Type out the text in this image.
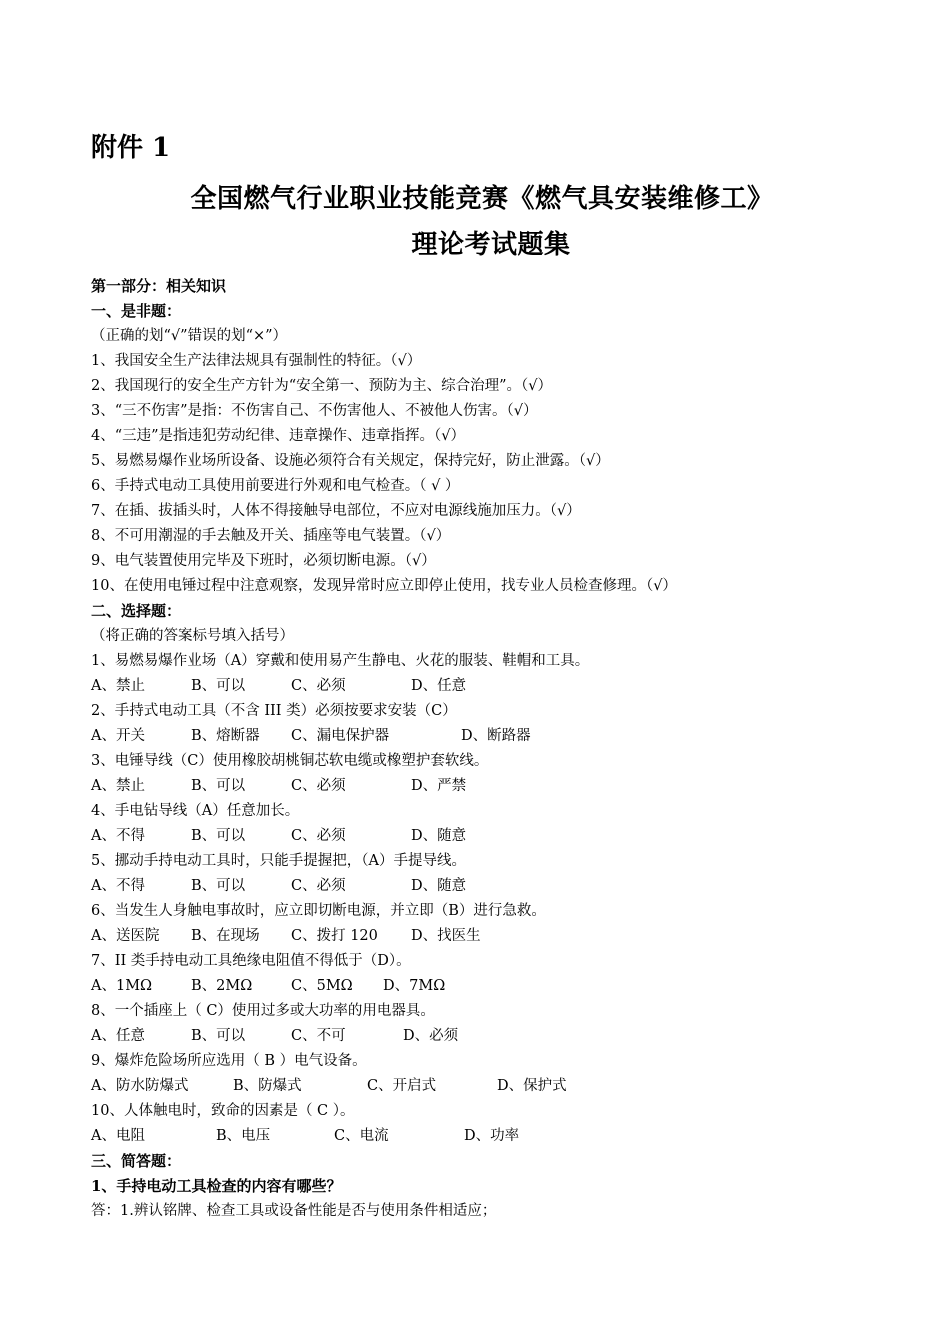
附件 1
全国燃气行业职业技能竞赛《燃气具安装维修工》
理论考试题集
第一部分：相关知识
一、是非题：
（正确的划“√”错误的划“×”）
1、我国安全生产法律法规具有强制性的特征。（√）
2、我国现行的安全生产方针为“安全第一、预防为主、综合治理”。（√）
3、“三不伤害”是指：不伤害自己、不伤害他人、不被他人伤害。（√）
4、“三违”是指违犯劳动纪律、违章操作、违章指挥。（√）
5、易燃易爆作业场所设备、设施必须符合有关规定，保持完好，防止泄露。（√）
6、手持式电动工具使用前要进行外观和电气检查。（ √ ）
7、在插、拔插头时，人体不得接触导电部位，不应对电源线施加压力。（√）
8、不可用潮湿的手去触及开关、插座等电气装置。（√）
9、电气装置使用完毕及下班时，必须切断电源。（√）
10、在使用电锤过程中注意观察，发现异常时应立即停止使用，找专业人员检查修理。（√）
二、选择题：
（将正确的答案标号填入括号）
1、易燃易爆作业场（A）穿戴和使用易产生静电、火花的服装、鞋帽和工具。
A、禁止	B、可以	C、必须	D、任意
2、手持式电动工具（不含 III 类）必须按要求安装（C）
A、开关	B、熔断器	C、漏电保护器	D、断路器
3、电锤导线（C）使用橡胶胡桃铜芯软电缆或橡塑护套软线。
A、禁止	B、可以	C、必须	D、严禁
4、手电钻导线（A）任意加长。
A、不得	B、可以	C、必须	D、随意
5、挪动手持电动工具时，只能手提握把，（A）手提导线。
A、不得	B、可以	C、必须	D、随意
6、当发生人身触电事故时，应立即切断电源，并立即（B）进行急救。
A、送医院	B、在现场	C、拨打 120	D、找医生
7、II 类手持电动工具绝缘电阻值不得低于（D）。
A、1MΩ	B、2MΩ	C、5MΩ	D、7MΩ
8、一个插座上（ C）使用过多或大功率的用电器具。
A、任意	B、可以	C、不可	D、必须
9、爆炸危险场所应选用（ B ）电气设备。
A、防水防爆式	B、防爆式	C、开启式	D、保护式
10、人体触电时，致命的因素是（ C ）。
A、电阻	B、电压	C、电流	D、功率
三、简答题：
1、手持电动工具检查的内容有哪些？
答：1.辨认铭牌、检查工具或设备性能是否与使用条件相适应；
